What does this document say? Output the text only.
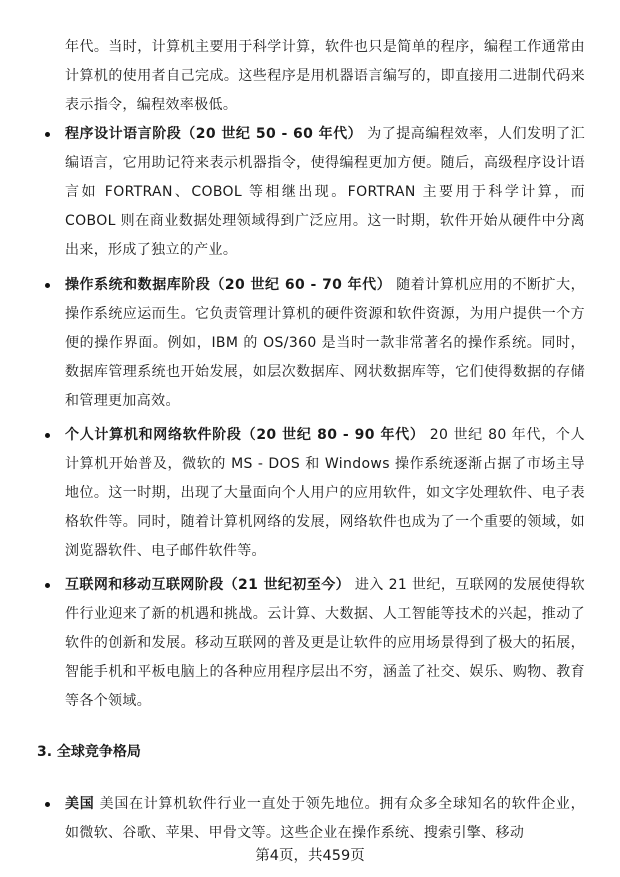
年代。当时，计算机主要用于科学计算，软件也只是简单的程序，编程工作通常由计算机的使用者自己完成。这些程序是用机器语言编写的，即直接用二进制代码来表示指令，编程效率极低。
程序设计语言阶段（20 世纪 50 - 60 年代） 为了提高编程效率，人们发明了汇编语言，它用助记符来表示机器指令，使得编程更加方便。随后，高级程序设计语言如 FORTRAN、COBOL 等相继出现。FORTRAN 主要用于科学计算，而 COBOL 则在商业数据处理领域得到广泛应用。这一时期，软件开始从硬件中分离出来，形成了独立的产业。
操作系统和数据库阶段（20 世纪 60 - 70 年代） 随着计算机应用的不断扩大，操作系统应运而生。它负责管理计算机的硬件资源和软件资源，为用户提供一个方便的操作界面。例如，IBM 的 OS/360 是当时一款非常著名的操作系统。同时，数据库管理系统也开始发展，如层次数据库、网状数据库等，它们使得数据的存储和管理更加高效。
个人计算机和网络软件阶段（20 世纪 80 - 90 年代） 20 世纪 80 年代，个人计算机开始普及，微软的 MS - DOS 和 Windows 操作系统逐渐占据了市场主导地位。这一时期，出现了大量面向个人用户的应用软件，如文字处理软件、电子表格软件等。同时，随着计算机网络的发展，网络软件也成为了一个重要的领域，如浏览器软件、电子邮件软件等。
互联网和移动互联网阶段（21 世纪初至今） 进入 21 世纪，互联网的发展使得软件行业迎来了新的机遇和挑战。云计算、大数据、人工智能等技术的兴起，推动了软件的创新和发展。移动互联网的普及更是让软件的应用场景得到了极大的拓展，智能手机和平板电脑上的各种应用程序层出不穷，涵盖了社交、娱乐、购物、教育等各个领域。
3. 全球竞争格局
美国 美国在计算机软件行业一直处于领先地位。拥有众多全球知名的软件企业，如微软、谷歌、苹果、甲骨文等。这些企业在操作系统、搜索引擎、移动
第4页，共459页
